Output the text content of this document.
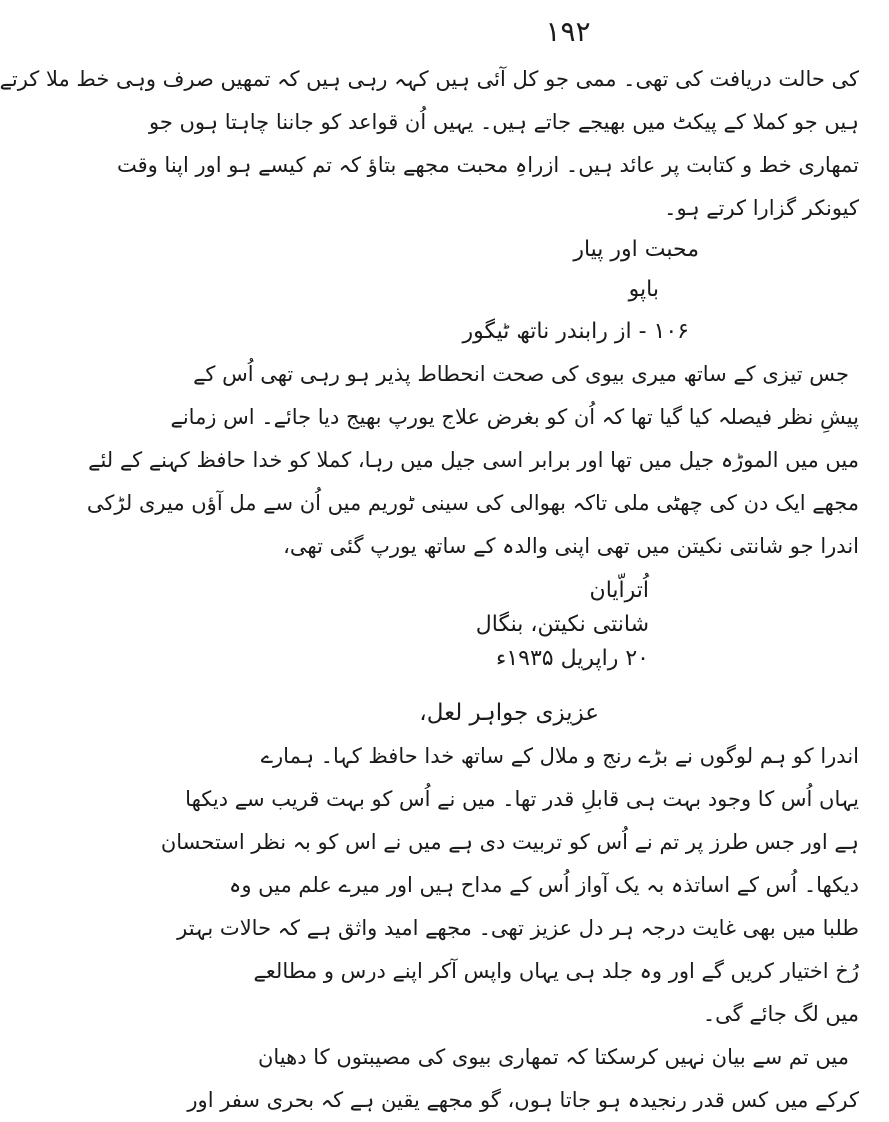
۱۹۲
کی حالت دریافت کی تھی۔ ممی جو کل آئی ہیں کہہ رہی ہیں کہ تمھیں صرف وہی خط ملا کرتے
ہیں جو کملا کے پیکٹ میں بھیجے جاتے ہیں۔ یہیں اُن قواعد کو جاننا چاہتا ہوں جو
تمھاری خط و کتابت پر عائد ہیں۔ ازراہِ محبت مجھے بتاؤ کہ تم کیسے ہو اور اپنا وقت
کیونکر گزارا کرتے ہو۔
محبت اور پیار
باپو
۱۰۶ - از رابندر ناتھ ٹیگور
جس تیزی کے ساتھ میری بیوی کی صحت انحطاط پذیر ہو رہی تھی اُس کے
پیشِ نظر فیصلہ کیا گیا تھا کہ اُن کو بغرض علاج یورپ بھیج دیا جائے۔ اس زمانے
میں میں الموڑہ جیل میں تھا اور برابر اسی جیل میں رہا، کملا کو خدا حافظ کہنے کے لئے
مجھے ایک دن کی چھٹی ملی تاکہ بھوالی کی سینی ٹوریم میں اُن سے مل آؤں میری لڑکی
اندرا جو شانتی نکیتن میں تھی اپنی والدہ کے ساتھ یورپ گئی تھی،
اُتراّیان
شانتی نکیتن، بنگال
۲۰ راپریل ۱۹۳۵ء
عزیزی جواہر لعل،
اندرا کو ہم لوگوں نے بڑے رنج و ملال کے ساتھ خدا حافظ کہا۔ ہمارے
یہاں اُس کا وجود بہت ہی قابلِ قدر تھا۔ میں نے اُس کو بہت قریب سے دیکھا
ہے اور جس طرز پر تم نے اُس کو تربیت دی ہے میں نے اس کو بہ نظر استحسان
دیکھا۔ اُس کے اساتذہ بہ یک آواز اُس کے مداح ہیں اور میرے علم میں وہ
طلبا میں بھی غایت درجہ ہر دل عزیز تھی۔ مجھے امید واثق ہے کہ حالات بہتر
رُخ اختیار کریں گے اور وہ جلد ہی یہاں واپس آکر اپنے درس و مطالعے
میں لگ جائے گی۔
میں تم سے بیان نہیں کرسکتا کہ تمھاری بیوی کی مصیبتوں کا دھیان
کرکے میں کس قدر رنجیدہ ہو جاتا ہوں، گو مجھے یقین ہے کہ بحری سفر اور
